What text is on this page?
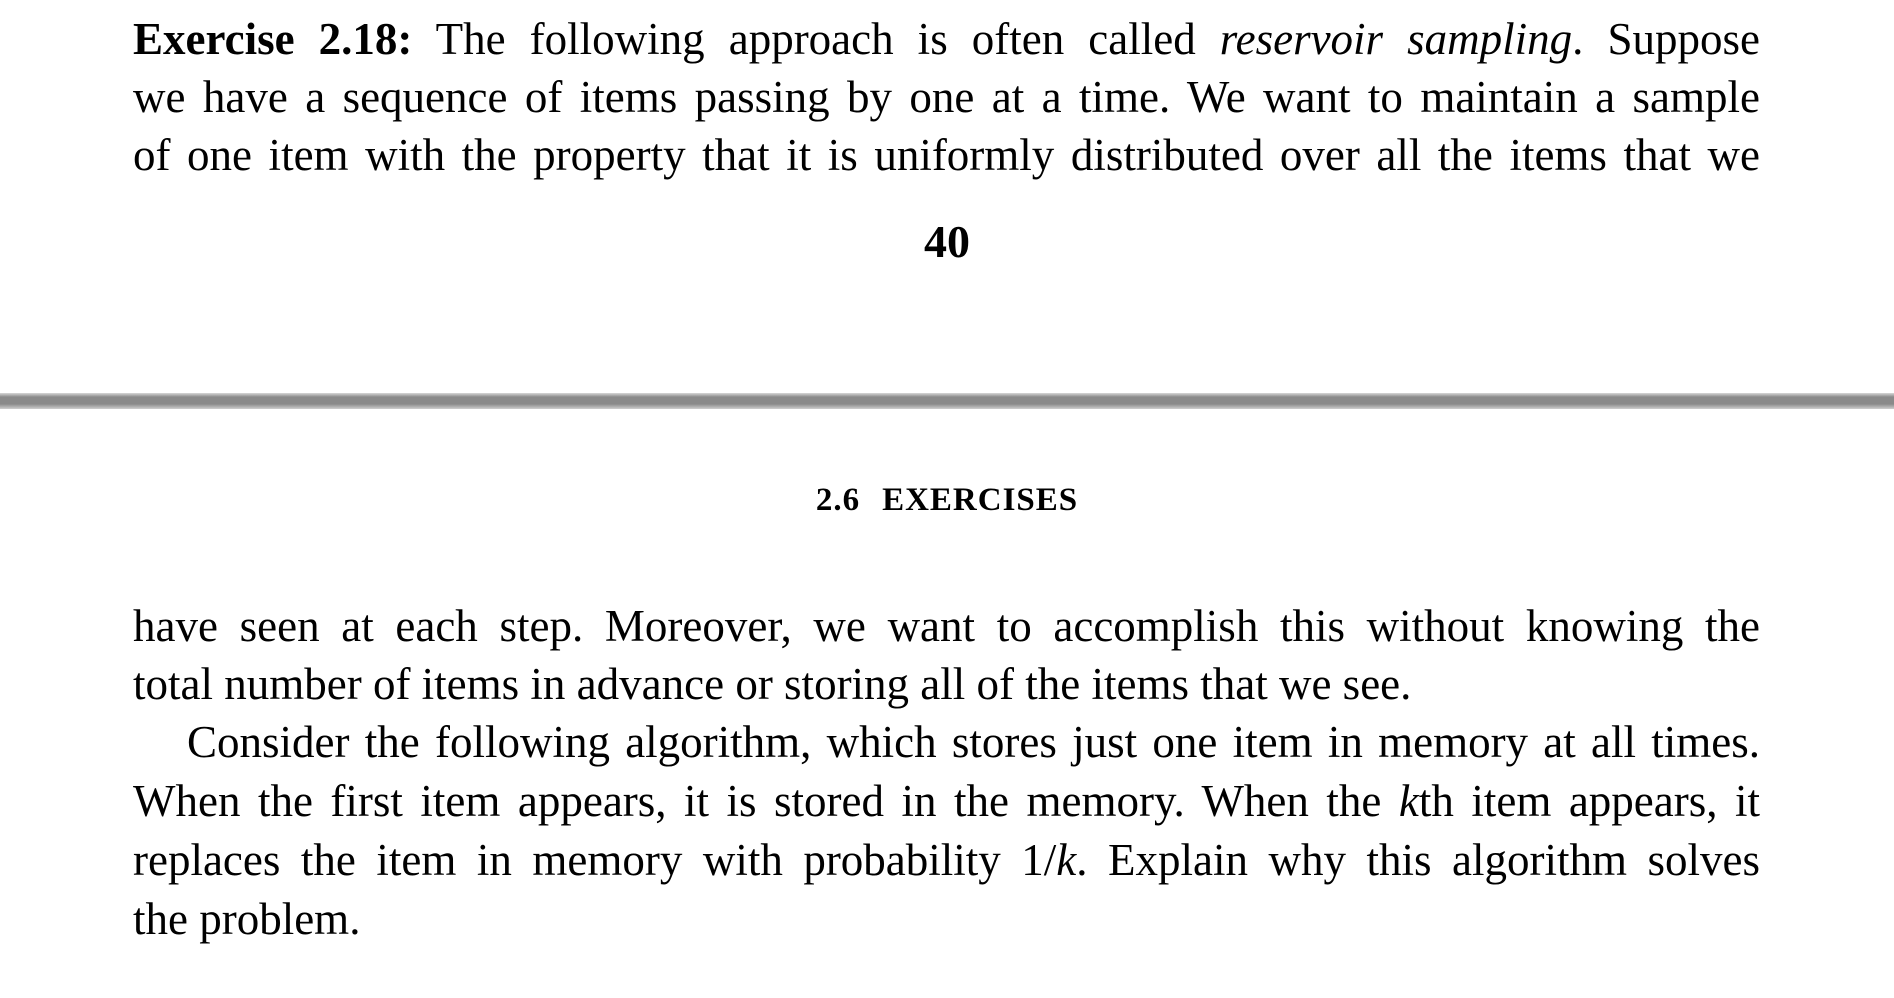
Exercise 2.18: The following approach is often called reservoir sampling. Suppose
we have a sequence of items passing by one at a time. We want to maintain a sample
of one item with the property that it is uniformly distributed over all the items that we
40
2.6 EXERCISES
have seen at each step. Moreover, we want to accomplish this without knowing the
total number of items in advance or storing all of the items that we see.
Consider the following algorithm, which stores just one item in memory at all times.
When the first item appears, it is stored in the memory. When the kth item appears, it
replaces the item in memory with probability 1/k. Explain why this algorithm solves
the problem.
